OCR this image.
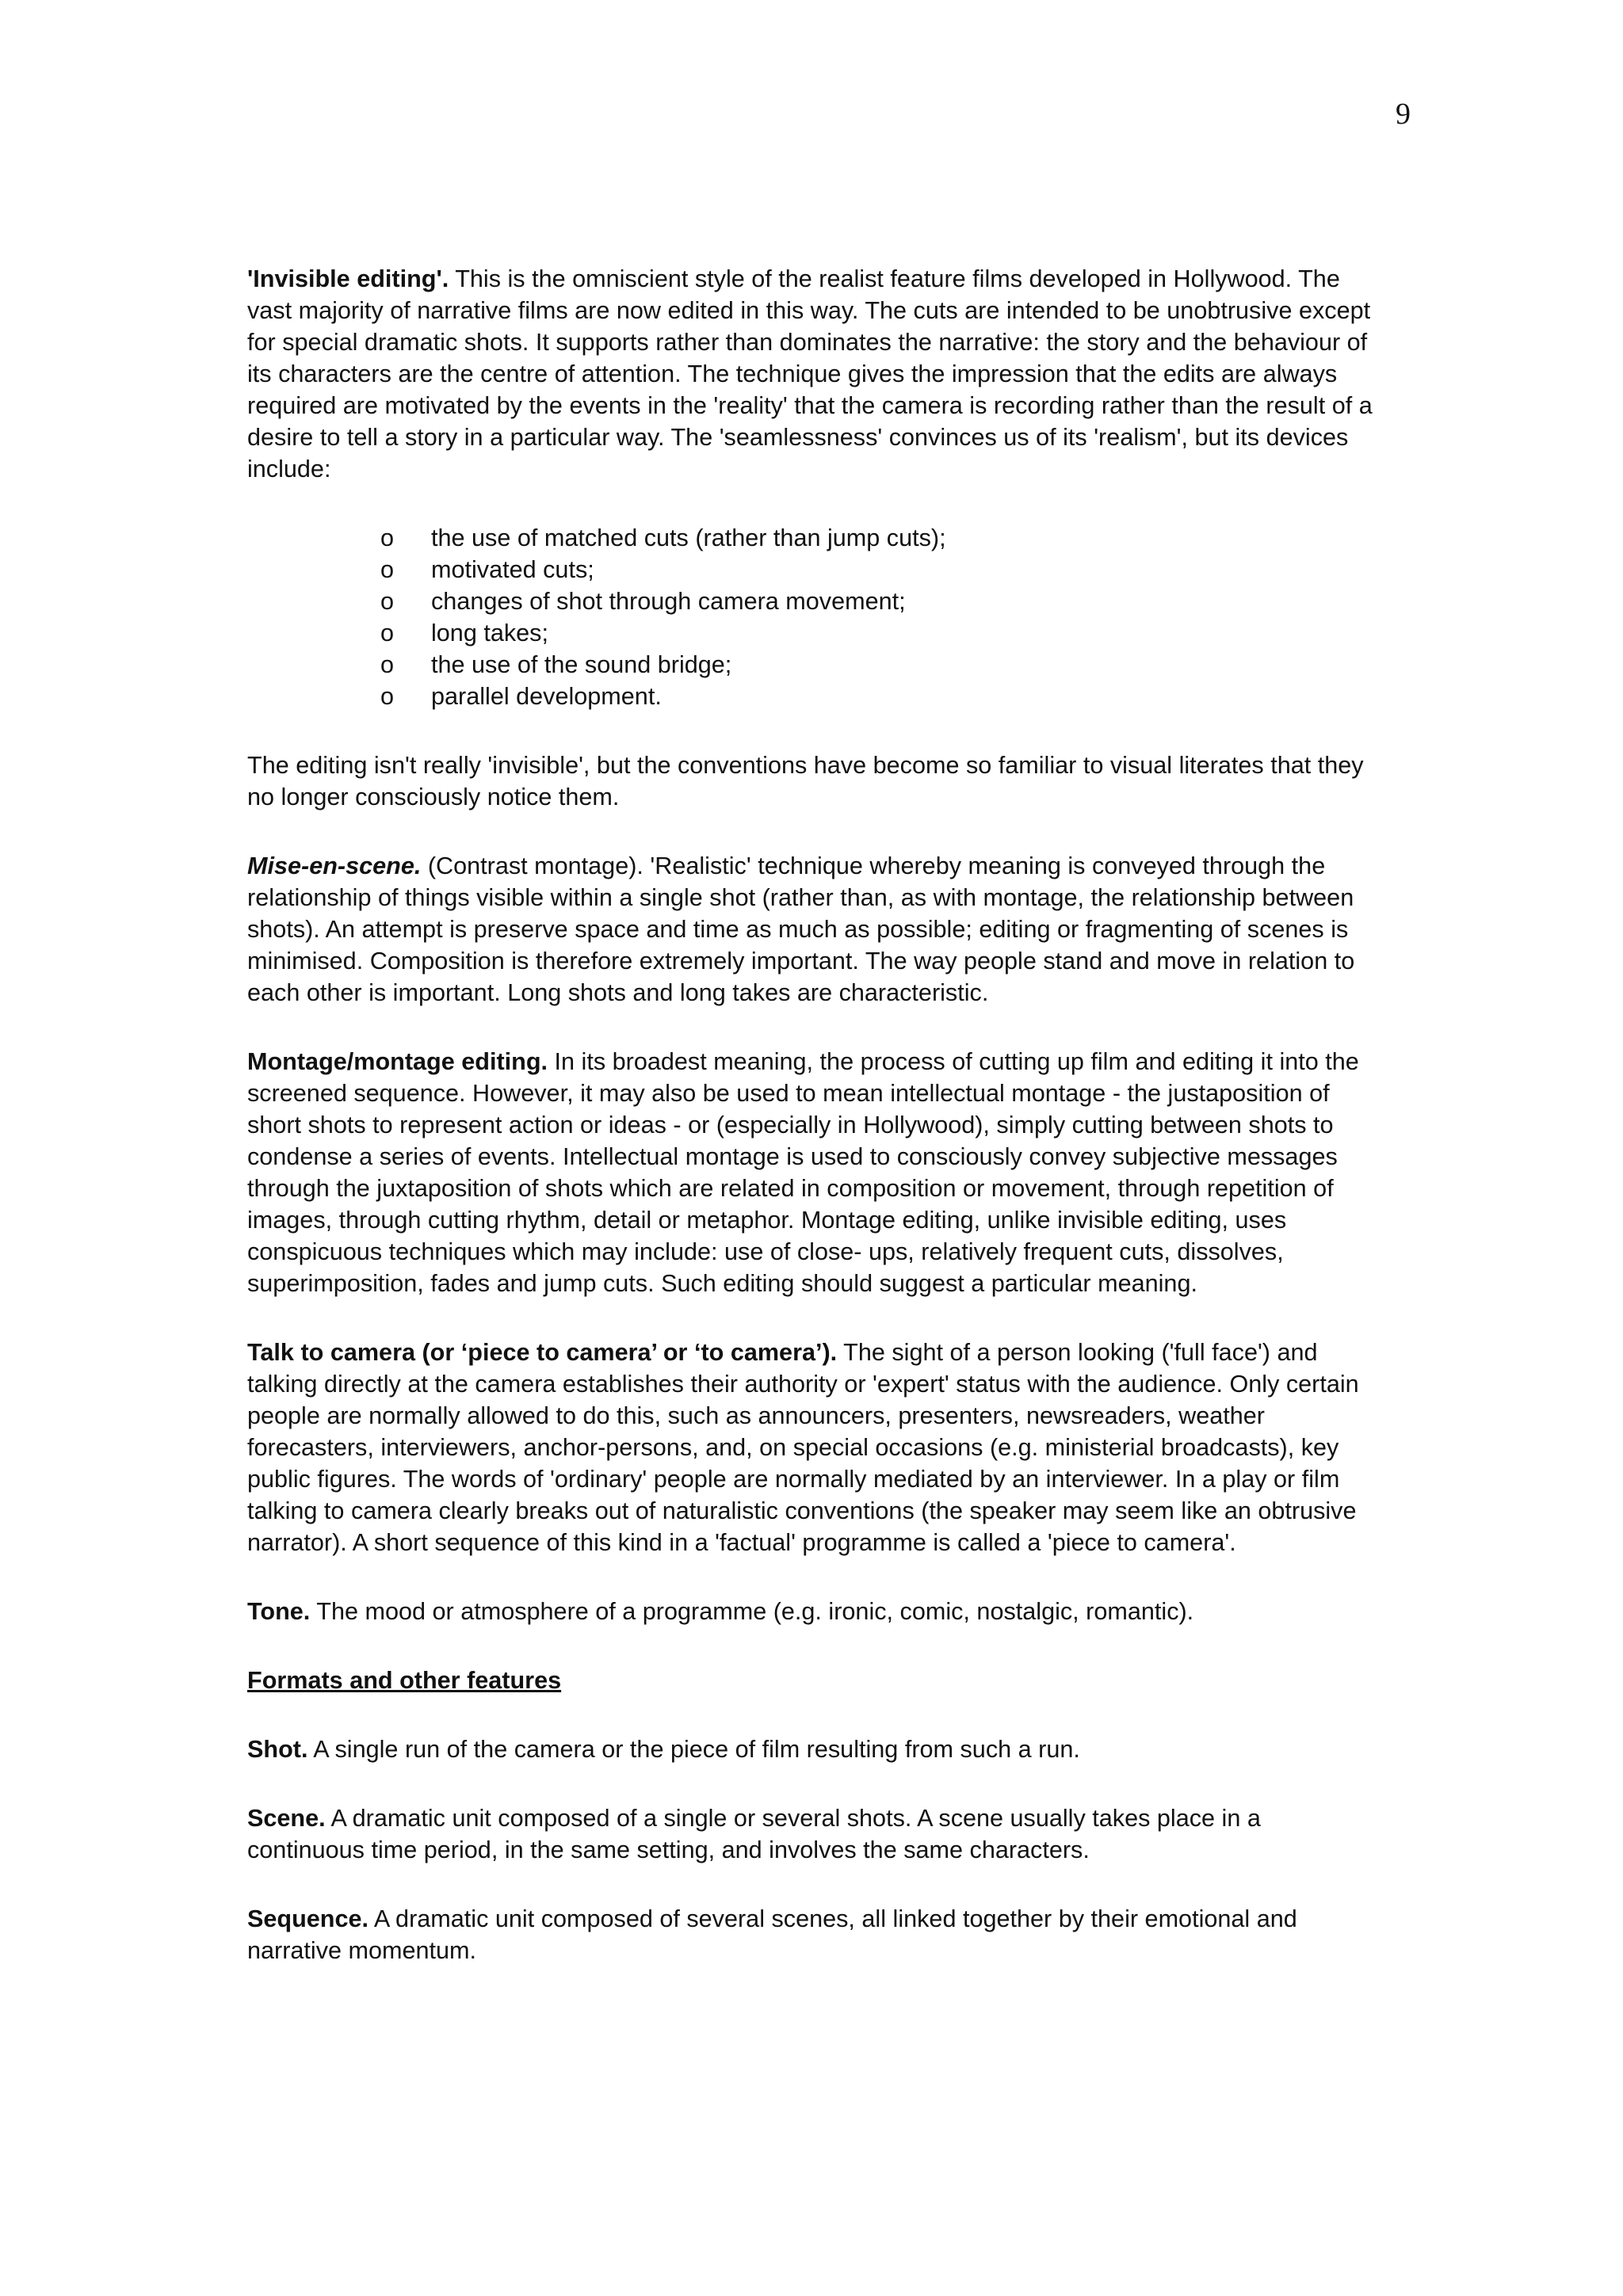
9

'Invisible editing'. This is the omniscient style of the realist feature films developed in Hollywood. The vast majority of narrative films are now edited in this way. The cuts are intended to be unobtrusive except for special dramatic shots. It supports rather than dominates the narrative: the story and the behaviour of its characters are the centre of attention. The technique gives the impression that the edits are always required are motivated by the events in the 'reality' that the camera is recording rather than the result of a desire to tell a story in a particular way. The 'seamlessness' convinces us of its 'realism', but its devices include:

o the use of matched cuts (rather than jump cuts);
o motivated cuts;
o changes of shot through camera movement;
o long takes;
o the use of the sound bridge;
o parallel development.

The editing isn't really 'invisible', but the conventions have become so familiar to visual literates that they no longer consciously notice them.

Mise-en-scene. (Contrast montage). 'Realistic' technique whereby meaning is conveyed through the relationship of things visible within a single shot (rather than, as with montage, the relationship between shots). An attempt is preserve space and time as much as possible; editing or fragmenting of scenes is minimised. Composition is therefore extremely important. The way people stand and move in relation to each other is important. Long shots and long takes are characteristic.

Montage/montage editing. In its broadest meaning, the process of cutting up film and editing it into the screened sequence. However, it may also be used to mean intellectual montage - the justaposition of short shots to represent action or ideas - or (especially in Hollywood), simply cutting between shots to condense a series of events. Intellectual montage is used to consciously convey subjective messages through the juxtaposition of shots which are related in composition or movement, through repetition of images, through cutting rhythm, detail or metaphor. Montage editing, unlike invisible editing, uses conspicuous techniques which may include: use of close- ups, relatively frequent cuts, dissolves, superimposition, fades and jump cuts. Such editing should suggest a particular meaning.

Talk to camera (or ‘piece to camera’ or ‘to camera’). The sight of a person looking ('full face') and talking directly at the camera establishes their authority or 'expert' status with the audience. Only certain people are normally allowed to do this, such as announcers, presenters, newsreaders, weather forecasters, interviewers, anchor-persons, and, on special occasions (e.g. ministerial broadcasts), key public figures. The words of 'ordinary' people are normally mediated by an interviewer. In a play or film talking to camera clearly breaks out of naturalistic conventions (the speaker may seem like an obtrusive narrator). A short sequence of this kind in a 'factual' programme is called a 'piece to camera'.

Tone. The mood or atmosphere of a programme (e.g. ironic, comic, nostalgic, romantic).

Formats and other features

Shot. A single run of the camera or the piece of film resulting from such a run.

Scene. A dramatic unit composed of a single or several shots. A scene usually takes place in a continuous time period, in the same setting, and involves the same characters.

Sequence. A dramatic unit composed of several scenes, all linked together by their emotional and narrative momentum.
